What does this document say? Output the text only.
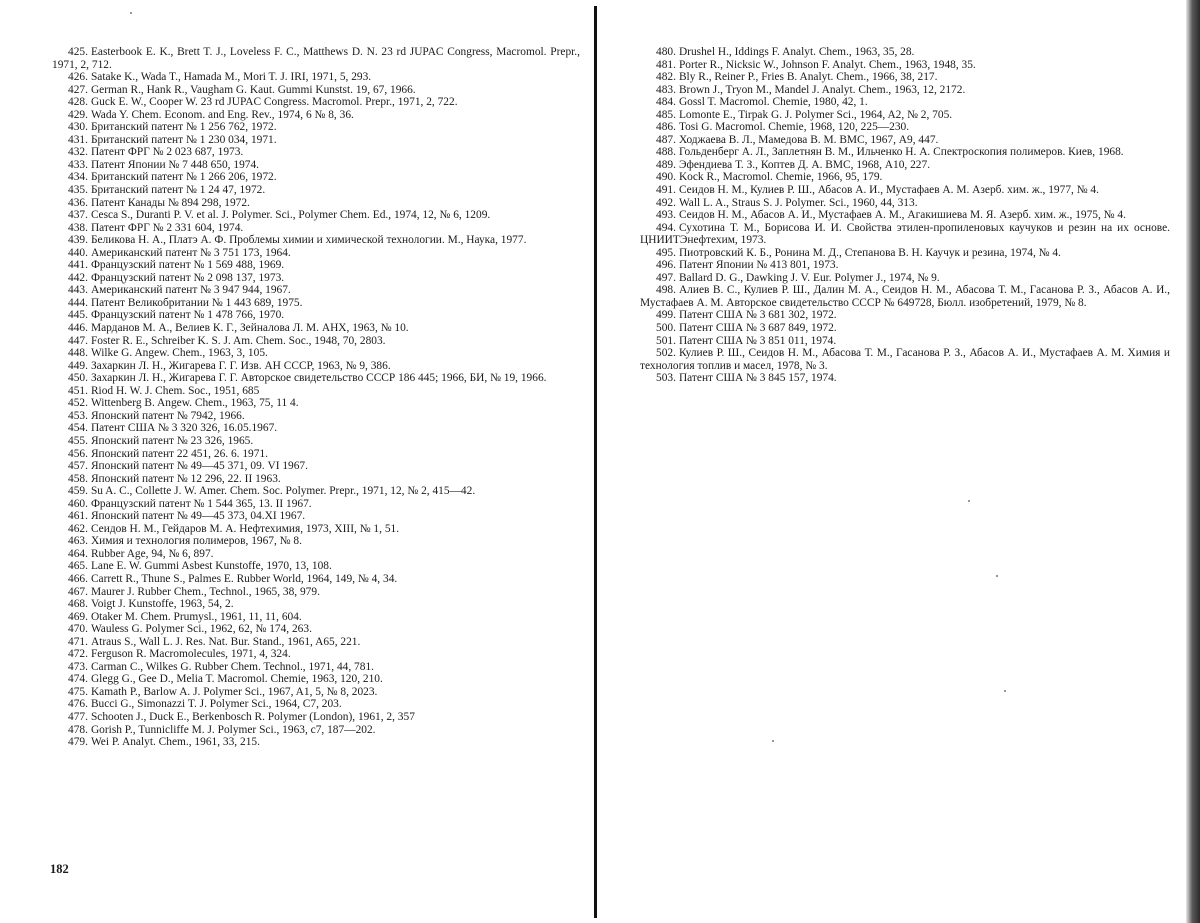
425. Easterbook E. K., Brett T. J., Loveless F. C., Matthews D. N. 23 rd JUPAC Congress, Macromol. Prepr., 1971, 2, 712.
426. Satake K., Wada T., Hamada M., Mori T. J. IRI, 1971, 5, 293.
427. German R., Hank R., Vaugham G. Kaut. Gummi Kunstst. 19, 67, 1966.
428. Guck E. W., Cooper W. 23 rd JUPAC Congress. Macromol. Prepr., 1971, 2, 722.
429. Wada Y. Chem. Econom. and Eng. Rev., 1974, 6 № 8, 36.
430. Британский патент № 1 256 762, 1972.
431. Британский патент № 1 230 034, 1971.
432. Патент ФРГ № 2 023 687, 1973.
433. Патент Японии № 7 448 650, 1974.
434. Британский патент № 1 266 206, 1972.
435. Британский патент № 1 24 47, 1972.
436. Патент Канады № 894 298, 1972.
437. Cesca S., Duranti P. V. et al. J. Polymer. Sci., Polymer Chem. Ed., 1974, 12, № 6, 1209.
438. Патент ФРГ № 2 331 604, 1974.
439. Беликова Н. А., Платэ А. Ф. Проблемы химии и химической технологии. М., Наука, 1977.
440. Американский патент № 3 751 173, 1964.
441. Французский патент № 1 569 488, 1969.
442. Французский патент № 2 098 137, 1973.
443. Американский патент № 3 947 944, 1967.
444. Патент Великобритании № 1 443 689, 1975.
445. Французский патент № 1 478 766, 1970.
446. Марданов М. А., Велиев К. Г., Зейналова Л. М. АНХ, 1963, № 10.
447. Foster R. E., Schreiber K. S. J. Am. Chem. Soc., 1948, 70, 2803.
448. Wilke G. Angew. Chem., 1963, 3, 105.
449. Захаркин Л. Н., Жигарева Г. Г. Изв. АН СССР, 1963, № 9, 386.
450. Захаркин Л. Н., Жигарева Г. Г. Авторское свидетельство СССР 186 445; 1966, БИ, № 19, 1966.
451. Riod H. W. J. Chem. Soc., 1951, 685
452. Wittenberg B. Angew. Chem., 1963, 75, 11 4.
453. Японский патент № 7942, 1966.
454. Патент США № 3 320 326, 16.05.1967.
455. Японский патент № 23 326, 1965.
456. Японский патент 22 451, 26. 6. 1971.
457. Японский патент № 49—45 371, 09. VI 1967.
458. Японский патент № 12 296, 22. II 1963.
459. Su A. C., Collette J. W. Amer. Chem. Soc. Polymer. Prepr., 1971, 12, № 2, 415—42.
460. Французский патент № 1 544 365, 13. II 1967.
461. Японский патент № 49—45 373, 04.XI 1967.
462. Сеидов Н. М., Гейдаров М. А. Нефтехимия, 1973, XIII, № 1, 51.
463. Химия и технология полимеров, 1967, № 8.
464. Rubber Age, 94, № 6, 897.
465. Lane E. W. Gummi Asbest Kunstoffe, 1970, 13, 108.
466. Carrett R., Thune S., Palmes E. Rubber World, 1964, 149, № 4, 34.
467. Maurer J. Rubber Chem., Technol., 1965, 38, 979.
468. Voigt J. Kunstoffe, 1963, 54, 2.
469. Otaker M. Chem. Prumysl., 1961, 11, 11, 604.
470. Wauless G. Polymer Sci., 1962, 62, № 174, 263.
471. Atraus S., Wall L. J. Res. Nat. Bur. Stand., 1961, A65, 221.
472. Ferguson R. Macromolecules, 1971, 4, 324.
473. Carman C., Wilkes G. Rubber Chem. Technol., 1971, 44, 781.
474. Glegg G., Gee D., Melia T. Macromol. Chemie, 1963, 120, 210.
475. Kamath P., Barlow A. J. Polymer Sci., 1967, A1, 5, № 8, 2023.
476. Bucci G., Simonazzi T. J. Polymer Sci., 1964, C7, 203.
477. Schooten J., Duck E., Berkenbosch R. Polymer (London), 1961, 2, 357
478. Gorish P., Tunnicliffe M. J. Polymer Sci., 1963, c7, 187—202.
479. Wei P. Analyt. Chem., 1961, 33, 215.
182
480. Drushel H., Iddings F. Analyt. Chem., 1963, 35, 28.
481. Porter R., Nicksic W., Johnson F. Analyt. Chem., 1963, 1948, 35.
482. Bly R., Reiner P., Fries B. Analyt. Chem., 1966, 38, 217.
483. Brown J., Tryon M., Mandel J. Analyt. Chem., 1963, 12, 2172.
484. Gossl T. Macromol. Chemie, 1980, 42, 1.
485. Lomonte E., Tirpak G. J. Polymer Sci., 1964, A2, № 2, 705.
486. Tosi G. Macromol. Chemie, 1968, 120, 225—230.
487. Ходжаева В. Л., Мамедова В. М. ВМС, 1967, А9, 447.
488. Гольденберг А. Л., Заплетнян В. М., Ильченко Н. А. Спектроскопия полимеров. Киев, 1968.
489. Эфендиева Т. З., Коптев Д. А. ВМС, 1968, А10, 227.
490. Kock R., Macromol. Chemie, 1966, 95, 179.
491. Сеидов Н. М., Кулиев Р. Ш., Абасов А. И., Мустафаев А. М. Азерб. хим. ж., 1977, № 4.
492. Wall L. A., Straus S. J. Polymer. Sci., 1960, 44, 313.
493. Сеидов Н. М., Абасов А. И., Мустафаев А. М., Агакишиева М. Я. Азерб. хим. ж., 1975, № 4.
494. Сухотина Т. М., Борисова И. И. Свойства этилен-пропиленовых каучуков и резин на их основе. ЦНИИТЭнефтехим, 1973.
495. Пиотровский К. Б., Ронина М. Д., Степанова В. Н. Каучук и резина, 1974, № 4.
496. Патент Японии № 413 801, 1973.
497. Ballard D. G., Dawking J. V. Eur. Polymer J., 1974, № 9.
498. Алиев В. С., Кулиев Р. Ш., Далин М. А., Сеидов Н. М., Абасова Т. М., Гасанова Р. З., Абасов А. И., Мустафаев А. М. Авторское свидетельство СССР № 649728, Бюлл. изобретений, 1979, № 8.
499. Патент США № 3 681 302, 1972.
500. Патент США № 3 687 849, 1972.
501. Патент США № 3 851 011, 1974.
502. Кулиев Р. Ш., Сеидов Н. М., Абасова Т. М., Гасанова Р. З., Абасов А. И., Мустафаев А. М. Химия и технология топлив и масел, 1978, № 3.
503. Патент США № 3 845 157, 1974.
